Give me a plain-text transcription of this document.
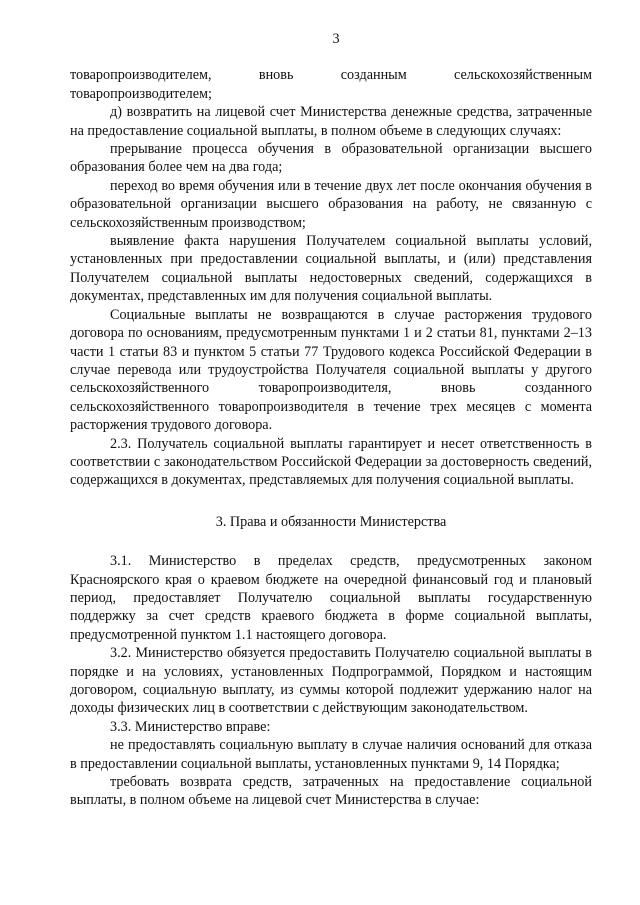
3

товаропроизводителем, вновь созданным сельскохозяйственным товаропроизводителем;

д) возвратить на лицевой счет Министерства денежные средства, затраченные на предоставление социальной выплаты, в полном объеме в следующих случаях:

прерывание процесса обучения в образовательной организации высшего образования более чем на два года;

переход во время обучения или в течение двух лет после окончания обучения в образовательной организации высшего образования на работу, не связанную с сельскохозяйственным производством;

выявление факта нарушения Получателем социальной выплаты условий, установленных при предоставлении социальной выплаты, и (или) представления Получателем социальной выплаты недостоверных сведений, содержащихся в документах, представленных им для получения социальной выплаты.

Социальные выплаты не возвращаются в случае расторжения трудового договора по основаниям, предусмотренным пунктами 1 и 2 статьи 81, пунктами 2–13 части 1 статьи 83 и пунктом 5 статьи 77 Трудового кодекса Российской Федерации в случае перевода или трудоустройства Получателя социальной выплаты у другого сельскохозяйственного товаропроизводителя, вновь созданного сельскохозяйственного товаропроизводителя в течение трех месяцев с момента расторжения трудового договора.

2.3. Получатель социальной выплаты гарантирует и несет ответственность в соответствии с законодательством Российской Федерации за достоверность сведений, содержащихся в документах, представляемых для получения социальной выплаты.

3. Права и обязанности Министерства

3.1. Министерство в пределах средств, предусмотренных законом Красноярского края о краевом бюджете на очередной финансовый год и плановый период, предоставляет Получателю социальной выплаты государственную поддержку за счет средств краевого бюджета в форме социальной выплаты, предусмотренной пунктом 1.1 настоящего договора.

3.2. Министерство обязуется предоставить Получателю социальной выплаты в порядке и на условиях, установленных Подпрограммой, Порядком и настоящим договором, социальную выплату, из суммы которой подлежит удержанию налог на доходы физических лиц в соответствии с действующим законодательством.

3.3. Министерство вправе:

не предоставлять социальную выплату в случае наличия оснований для отказа в предоставлении социальной выплаты, установленных пунктами 9, 14 Порядка;

требовать возврата средств, затраченных на предоставление социальной выплаты, в полном объеме на лицевой счет Министерства в случае:
